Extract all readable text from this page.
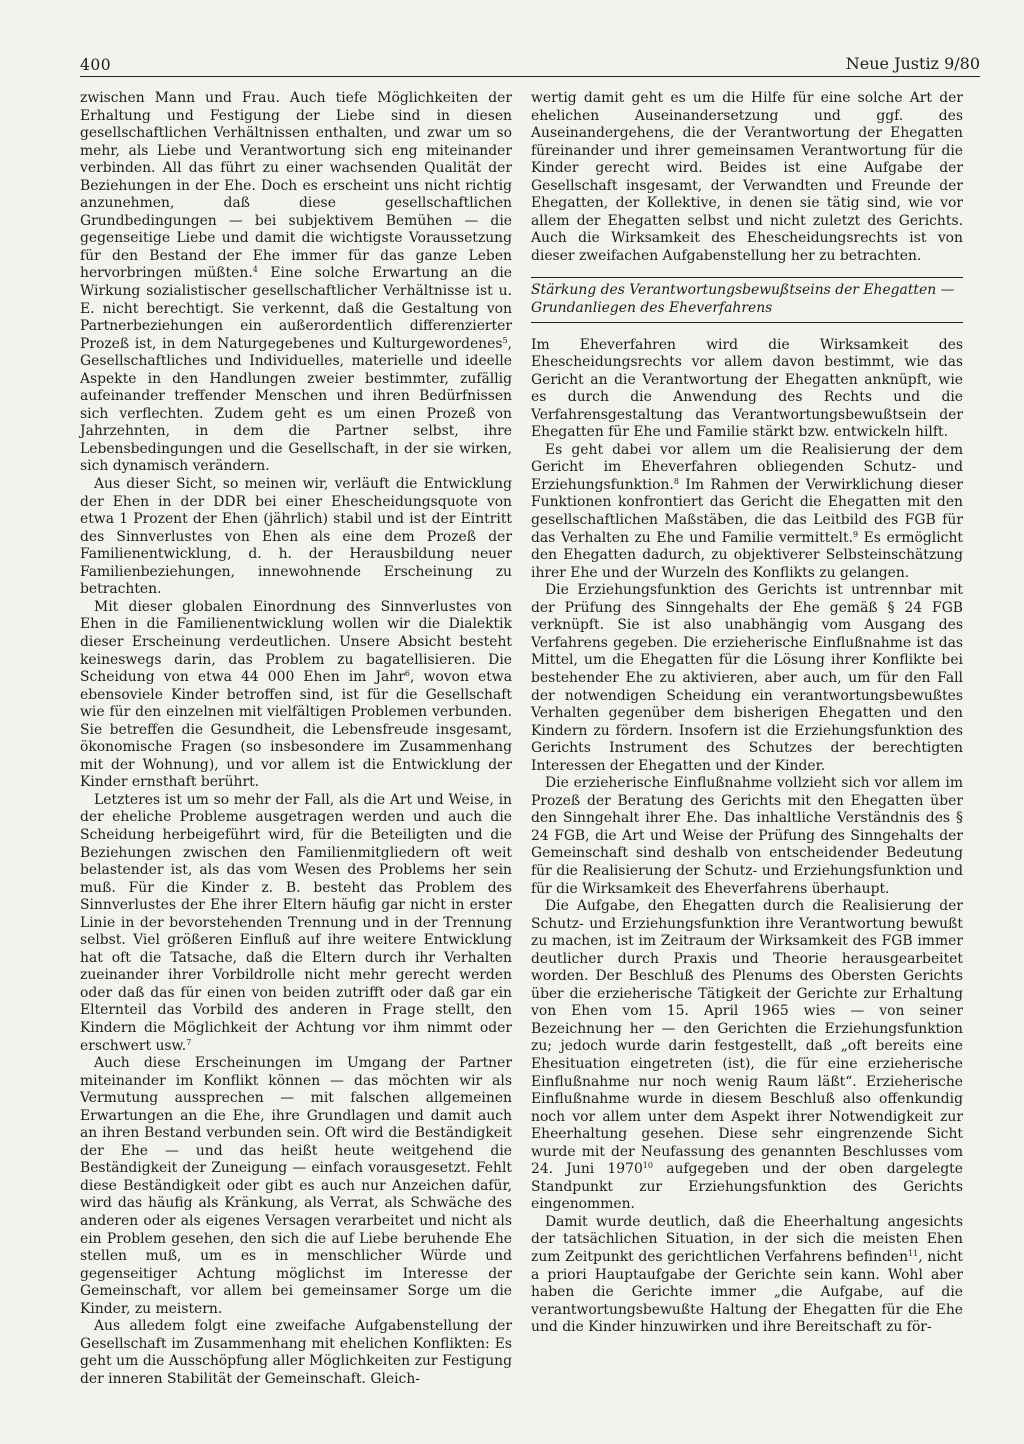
400	Neue Justiz 9/80

zwischen Mann und Frau. Auch tiefe Möglichkeiten der Erhaltung und Festigung der Liebe sind in diesen gesellschaftlichen Verhältnissen enthalten, und zwar um so mehr, als Liebe und Verantwortung sich eng miteinander verbinden. All das führt zu einer wachsenden Qualität der Beziehungen in der Ehe. Doch es erscheint uns nicht richtig anzunehmen, daß diese gesellschaftlichen Grundbedingungen — bei subjektivem Bemühen — die gegenseitige Liebe und damit die wichtigste Voraussetzung für den Bestand der Ehe immer für das ganze Leben hervorbringen müßten.$^4$ Eine solche Erwartung an die Wirkung sozialistischer gesellschaftlicher Verhältnisse ist u. E. nicht berechtigt. Sie verkennt, daß die Gestaltung von Partnerbeziehungen ein außerordentlich differenzierter Prozeß ist, in dem Naturgegebenes und Kulturgewordenes$^5$, Gesellschaftliches und Individuelles, materielle und ideelle Aspekte in den Handlungen zweier bestimmter, zufällig aufeinander treffender Menschen und ihren Bedürfnissen sich verflechten. Zudem geht es um einen Prozeß von Jahrzehnten, in dem die Partner selbst, ihre Lebensbedingungen und die Gesellschaft, in der sie wirken, sich dynamisch verändern.

Aus dieser Sicht, so meinen wir, verläuft die Entwicklung der Ehen in der DDR bei einer Ehescheidungsquote von etwa 1 Prozent der Ehen (jährlich) stabil und ist der Eintritt des Sinnverlustes von Ehen als eine dem Prozeß der Familienentwicklung, d. h. der Herausbildung neuer Familienbeziehungen, innewohnende Erscheinung zu betrachten.

Mit dieser globalen Einordnung des Sinnverlustes von Ehen in die Familienentwicklung wollen wir die Dialektik dieser Erscheinung verdeutlichen. Unsere Absicht besteht keineswegs darin, das Problem zu bagatellisieren. Die Scheidung von etwa 44 000 Ehen im Jahr$^6$, wovon etwa ebensoviele Kinder betroffen sind, ist für die Gesellschaft wie für den einzelnen mit vielfältigen Problemen verbunden. Sie betreffen die Gesundheit, die Lebensfreude insgesamt, ökonomische Fragen (so insbesondere im Zusammenhang mit der Wohnung), und vor allem ist die Entwicklung der Kinder ernsthaft berührt.

Letzteres ist um so mehr der Fall, als die Art und Weise, in der eheliche Probleme ausgetragen werden und auch die Scheidung herbeigeführt wird, für die Beteiligten und die Beziehungen zwischen den Familienmitgliedern oft weit belastender ist, als das vom Wesen des Problems her sein muß. Für die Kinder z. B. besteht das Problem des Sinnverlustes der Ehe ihrer Eltern häufig gar nicht in erster Linie in der bevorstehenden Trennung und in der Trennung selbst. Viel größeren Einfluß auf ihre weitere Entwicklung hat oft die Tatsache, daß die Eltern durch ihr Verhalten zueinander ihrer Vorbildrolle nicht mehr gerecht werden oder daß das für einen von beiden zutrifft oder daß gar ein Elternteil das Vorbild des anderen in Frage stellt, den Kindern die Möglichkeit der Achtung vor ihm nimmt oder erschwert usw.$^7$

Auch diese Erscheinungen im Umgang der Partner miteinander im Konflikt können — das möchten wir als Vermutung aussprechen — mit falschen allgemeinen Erwartungen an die Ehe, ihre Grundlagen und damit auch an ihren Bestand verbunden sein. Oft wird die Beständigkeit der Ehe — und das heißt heute weitgehend die Beständigkeit der Zuneigung — einfach vorausgesetzt. Fehlt diese Beständigkeit oder gibt es auch nur Anzeichen dafür, wird das häufig als Kränkung, als Verrat, als Schwäche des anderen oder als eigenes Versagen verarbeitet und nicht als ein Problem gesehen, den sich die auf Liebe beruhende Ehe stellen muß, um es in menschlicher Würde und gegenseitiger Achtung möglichst im Interesse der Gemeinschaft, vor allem bei gemeinsamer Sorge um die Kinder, zu meistern.

Aus alledem folgt eine zweifache Aufgabenstellung der Gesellschaft im Zusammenhang mit ehelichen Konflikten: Es geht um die Ausschöpfung aller Möglichkeiten zur Festigung der inneren Stabilität der Gemeinschaft. Gleich-

wertig damit geht es um die Hilfe für eine solche Art der ehelichen Auseinandersetzung und ggf. des Auseinandergehens, die der Verantwortung der Ehegatten füreinander und ihrer gemeinsamen Verantwortung für die Kinder gerecht wird. Beides ist eine Aufgabe der Gesellschaft insgesamt, der Verwandten und Freunde der Ehegatten, der Kollektive, in denen sie tätig sind, wie vor allem der Ehegatten selbst und nicht zuletzt des Gerichts. Auch die Wirksamkeit des Ehescheidungsrechts ist von dieser zweifachen Aufgabenstellung her zu betrachten.

Stärkung des Verantwortungsbewußtseins der Ehegatten — Grundanliegen des Eheverfahrens

Im Eheverfahren wird die Wirksamkeit des Ehescheidungsrechts vor allem davon bestimmt, wie das Gericht an die Verantwortung der Ehegatten anknüpft, wie es durch die Anwendung des Rechts und die Verfahrensgestaltung das Verantwortungsbewußtsein der Ehegatten für Ehe und Familie stärkt bzw. entwickeln hilft.

Es geht dabei vor allem um die Realisierung der dem Gericht im Eheverfahren obliegenden Schutz- und Erziehungsfunktion.$^8$ Im Rahmen der Verwirklichung dieser Funktionen konfrontiert das Gericht die Ehegatten mit den gesellschaftlichen Maßstäben, die das Leitbild des FGB für das Verhalten zu Ehe und Familie vermittelt.$^9$ Es ermöglicht den Ehegatten dadurch, zu objektiverer Selbsteinschätzung ihrer Ehe und der Wurzeln des Konflikts zu gelangen.

Die Erziehungsfunktion des Gerichts ist untrennbar mit der Prüfung des Sinngehalts der Ehe gemäß § 24 FGB verknüpft. Sie ist also unabhängig vom Ausgang des Verfahrens gegeben. Die erzieherische Einflußnahme ist das Mittel, um die Ehegatten für die Lösung ihrer Konflikte bei bestehender Ehe zu aktivieren, aber auch, um für den Fall der notwendigen Scheidung ein verantwortungsbewußtes Verhalten gegenüber dem bisherigen Ehegatten und den Kindern zu fördern. Insofern ist die Erziehungsfunktion des Gerichts Instrument des Schutzes der berechtigten Interessen der Ehegatten und der Kinder.

Die erzieherische Einflußnahme vollzieht sich vor allem im Prozeß der Beratung des Gerichts mit den Ehegatten über den Sinngehalt ihrer Ehe. Das inhaltliche Verständnis des § 24 FGB, die Art und Weise der Prüfung des Sinngehalts der Gemeinschaft sind deshalb von entscheidender Bedeutung für die Realisierung der Schutz- und Erziehungsfunktion und für die Wirksamkeit des Eheverfahrens überhaupt.

Die Aufgabe, den Ehegatten durch die Realisierung der Schutz- und Erziehungsfunktion ihre Verantwortung bewußt zu machen, ist im Zeitraum der Wirksamkeit des FGB immer deutlicher durch Praxis und Theorie herausgearbeitet worden. Der Beschluß des Plenums des Obersten Gerichts über die erzieherische Tätigkeit der Gerichte zur Erhaltung von Ehen vom 15. April 1965 wies — von seiner Bezeichnung her — den Gerichten die Erziehungsfunktion zu; jedoch wurde darin festgestellt, daß „oft bereits eine Ehesituation eingetreten (ist), die für eine erzieherische Einflußnahme nur noch wenig Raum läßt“. Erzieherische Einflußnahme wurde in diesem Beschluß also offenkundig noch vor allem unter dem Aspekt ihrer Notwendigkeit zur Eheerhaltung gesehen. Diese sehr eingrenzende Sicht wurde mit der Neufassung des genannten Beschlusses vom 24. Juni 1970$^{10}$ aufgegeben und der oben dargelegte Standpunkt zur Erziehungsfunktion des Gerichts eingenommen.

Damit wurde deutlich, daß die Eheerhaltung angesichts der tatsächlichen Situation, in der sich die meisten Ehen zum Zeitpunkt des gerichtlichen Verfahrens befinden$^{11}$, nicht a priori Hauptaufgabe der Gerichte sein kann. Wohl aber haben die Gerichte immer „die Aufgabe, auf die verantwortungsbewußte Haltung der Ehegatten für die Ehe und die Kinder hinzuwirken und ihre Bereitschaft zu för-
